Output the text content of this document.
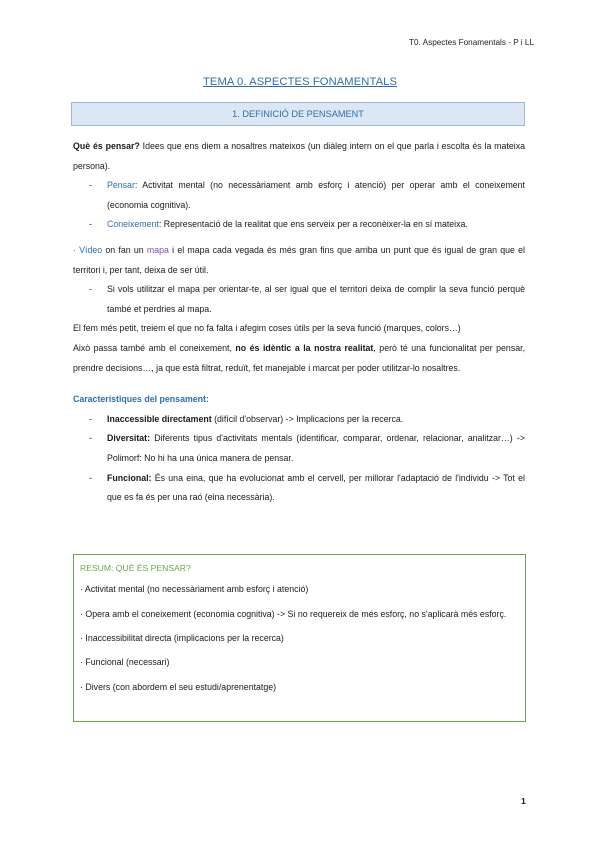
T0. Aspectes Fonamentals - P i LL
TEMA 0. ASPECTES FONAMENTALS
1. DEFINICIÓ DE PENSAMENT

Què és pensar? Idees que ens diem a nosaltres mateixos (un diàleg intern on el que parla i escolta és la mateixa persona).

- Pensar: Activitat mental (no necessàriament amb esforç i atenció) per operar amb el coneixement (economia cognitiva).
- Coneixement: Representació de la realitat que ens serveix per a reconèixer-la en sí mateixa.

· Vídeo on fan un mapa i el mapa cada vegada és més gran fins que arriba un punt que és igual de gran que el territori i, per tant, deixa de ser útil.

- Si vols utilitzar el mapa per orientar-te, al ser igual que el territori deixa de complir la seva funció perquè també et perdries al mapa.

El fem més petit, treiem el que no fa falta i afegim coses útils per la seva funció (marques, colors…)

Això passa també amb el coneixement, no és idèntic a la nostra realitat, però té una funcionalitat per pensar, prendre decisions…, ja que està filtrat, reduït, fet manejable i marcat per poder utilitzar-lo nosaltres.

Característiques del pensament:

- Inaccessible directament (difícil d'observar) -> Implicacions per la recerca.
- Diversitat: Diferents tipus d'activitats mentals (identificar, comparar, ordenar, relacionar, analitzar…) -> Polimorf: No hi ha una única manera de pensar.
- Funcional: És una eina, que ha evolucionat amb el cervell, per millorar l'adaptació de l'individu -> Tot el que es fa és per una raó (eina necessària).
RESUM: QUÈ ÉS PENSAR?

· Activitat mental (no necessàriament amb esforç i atenció)

· Opera amb el coneixement (economia cognitiva) -> Si no requereix de més esforç, no s'aplicarà més esforç.

· Inaccessibilitat directa (implicacions per la recerca)

· Funcional (necessari)

· Divers (con abordem el seu estudi/aprenentatge)

1
